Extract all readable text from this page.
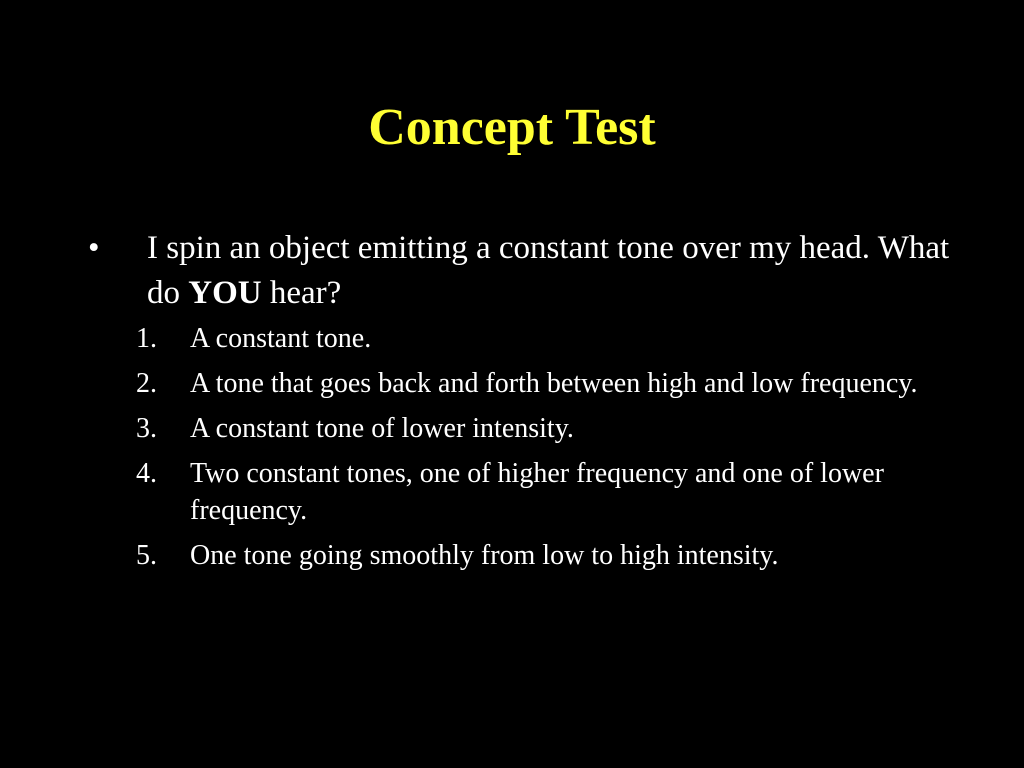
Concept Test
• I spin an object emitting a constant tone over my head. What do YOU hear?
1.	A constant tone.
2.	A tone that goes back and forth between high and low frequency.
3.	A constant tone of lower intensity.
4.	Two constant tones, one of higher frequency and one of lower frequency.
5.	One tone going smoothly from low to high intensity.
